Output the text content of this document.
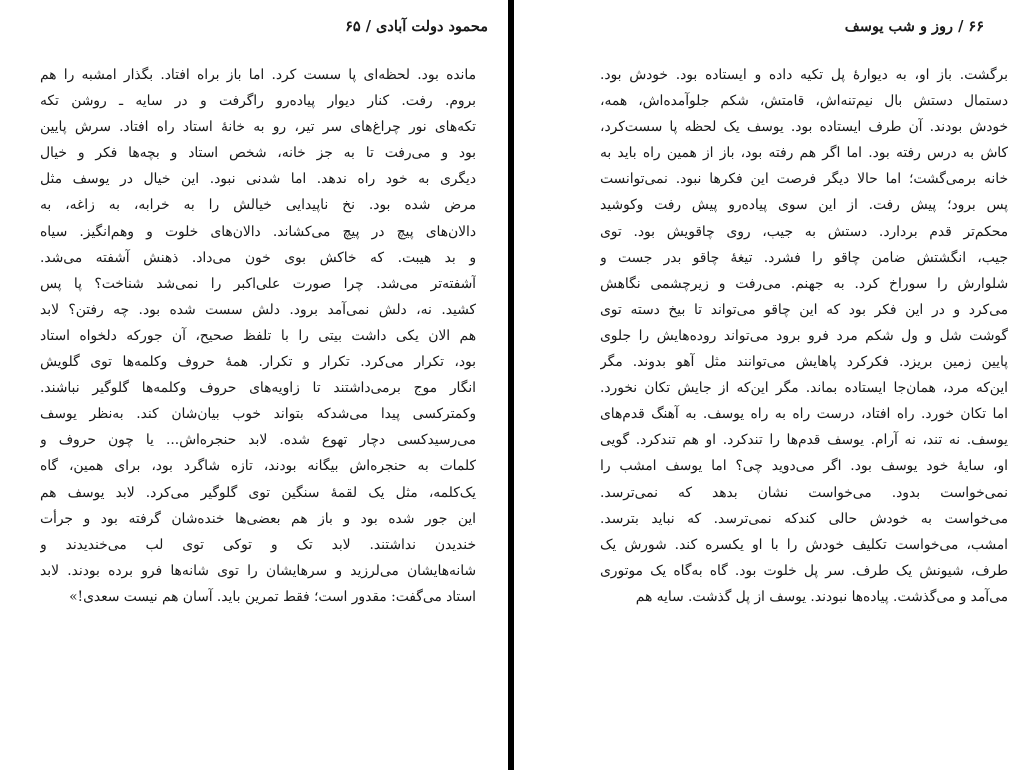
محمود دولت آبادی / ۶۵
مانده بود. لحظه‌ای پا سست کرد. اما باز براه افتاد. بگذار امشبه را هم
بروم. رفت. کنار دیوار پیاده‌رو راگرفت و در سایه ـ روشن تکه
تکه‌های نور چراغ‌های سر تیر، رو به خانهٔ استاد راه افتاد. سرش پایین
بود و می‌رفت تا به جز خانه، شخص استاد و بچه‌ها فکر و خیال
دیگری به خود راه ندهد. اما شدنی نبود. این خیال در یوسف مثل
مرض شده بود. نخ ناپیدایی خیالش را به خرابه، به زاغه، به
دالان‌های پیچ در پیچ می‌کشاند. دالان‌های خلوت و وهم‌انگیز. سیاه
و بد هیبت. که خاکش بوی خون می‌داد. ذهنش آشفته می‌شد.
آشفته‌تر می‌شد. چرا صورت علی‌اکبر را نمی‌شد شناخت؟ پا پس
کشید. نه، دلش نمی‌آمد برود. دلش سست شده بود. چه رفتن؟ لابد
هم الان یکی داشت بیتی را با تلفظ صحیح، آن جورکه دلخواه استاد
بود، تکرار می‌کرد. تکرار و تکرار. همهٔ حروف وکلمه‌ها توی گلویش
انگار موج برمی‌داشتند تا زاویه‌های حروف وکلمه‌ها گلوگیر نباشند.
وکمترکسی پیدا می‌شدکه بتواند خوب بیان‌شان کند. به‌نظر یوسف
می‌رسیدکسی دچار تهوع شده. لابد حنجره‌اش... یا چون حروف و
کلمات به حنجره‌اش بیگانه بودند، تازه شاگرد بود، برای همین، گاه
یک‌کلمه، مثل یک لقمهٔ سنگین توی گلوگیر می‌کرد. لابد یوسف هم
این جور شده بود و باز هم بعضی‌ها خنده‌شان گرفته بود و جرأت
خندیدن نداشتند. لابد تک و توکی توی لب می‌خندیدند و
شانه‌هایشان می‌لرزید و سرهایشان را توی شانه‌ها فرو برده بودند. لابد
استاد می‌گفت: مقدور است؛ فقط تمرین باید. آسان هم نیست سعدی!»
۶۶ / روز و شب یوسف
برگشت. باز او، به دیوارهٔ پل تکیه داده و ایستاده بود. خودش بود.
دستمال دستش بال نیم‌تنه‌اش، قامتش، شکم جلوآمده‌اش، همه،
خودش بودند. آن طرف ایستاده بود. یوسف یک لحظه پا سست‌کرد،
کاش به درس رفته بود. اما اگر هم رفته بود، باز از همین راه باید به
خانه برمی‌گشت؛ اما حالا دیگر فرصت این فکرها نبود. نمی‌توانست
پس برود؛ پیش رفت. از این سوی پیاده‌رو پیش رفت وکوشید
محکم‌تر قدم بردارد. دستش به جیب، روی چاقویش بود. توی
جیب، انگشتش ضامن چاقو را فشرد. تیغهٔ چاقو بدر جست و
شلوارش را سوراخ کرد. به جهنم. می‌رفت و زیرچشمی نگاهش
می‌کرد و در این فکر بود که این چاقو می‌تواند تا بیخ دسته توی
گوشت شل و ول شکم مرد فرو برود می‌تواند روده‌هایش را جلوی
پایین زمین بریزد. فکرکرد پاهایش می‌توانند مثل آهو بدوند. مگر
این‌که مرد، همان‌جا ایستاده بماند. مگر این‌که از جایش تکان نخورد.
اما تکان خورد. راه افتاد، درست راه به راه یوسف. به آهنگ قدم‌های
یوسف. نه تند، نه آرام. یوسف قدم‌ها را تندکرد. او هم تندکرد. گویی
او، سایهٔ خود یوسف بود. اگر می‌دوید چی؟ اما یوسف امشب را
نمی‌خواست بدود. می‌خواست نشان بدهد که نمی‌ترسد.
می‌خواست به خودش حالی کندکه نمی‌ترسد. که نباید بترسد.
امشب، می‌خواست تکلیف خودش را با او یکسره کند. شورش یک
طرف، شیونش یک طرف. سر پل خلوت بود. گاه به‌گاه یک موتوری
می‌آمد و می‌گذشت. پیاده‌ها نبودند. یوسف از پل گذشت. سایه هم
